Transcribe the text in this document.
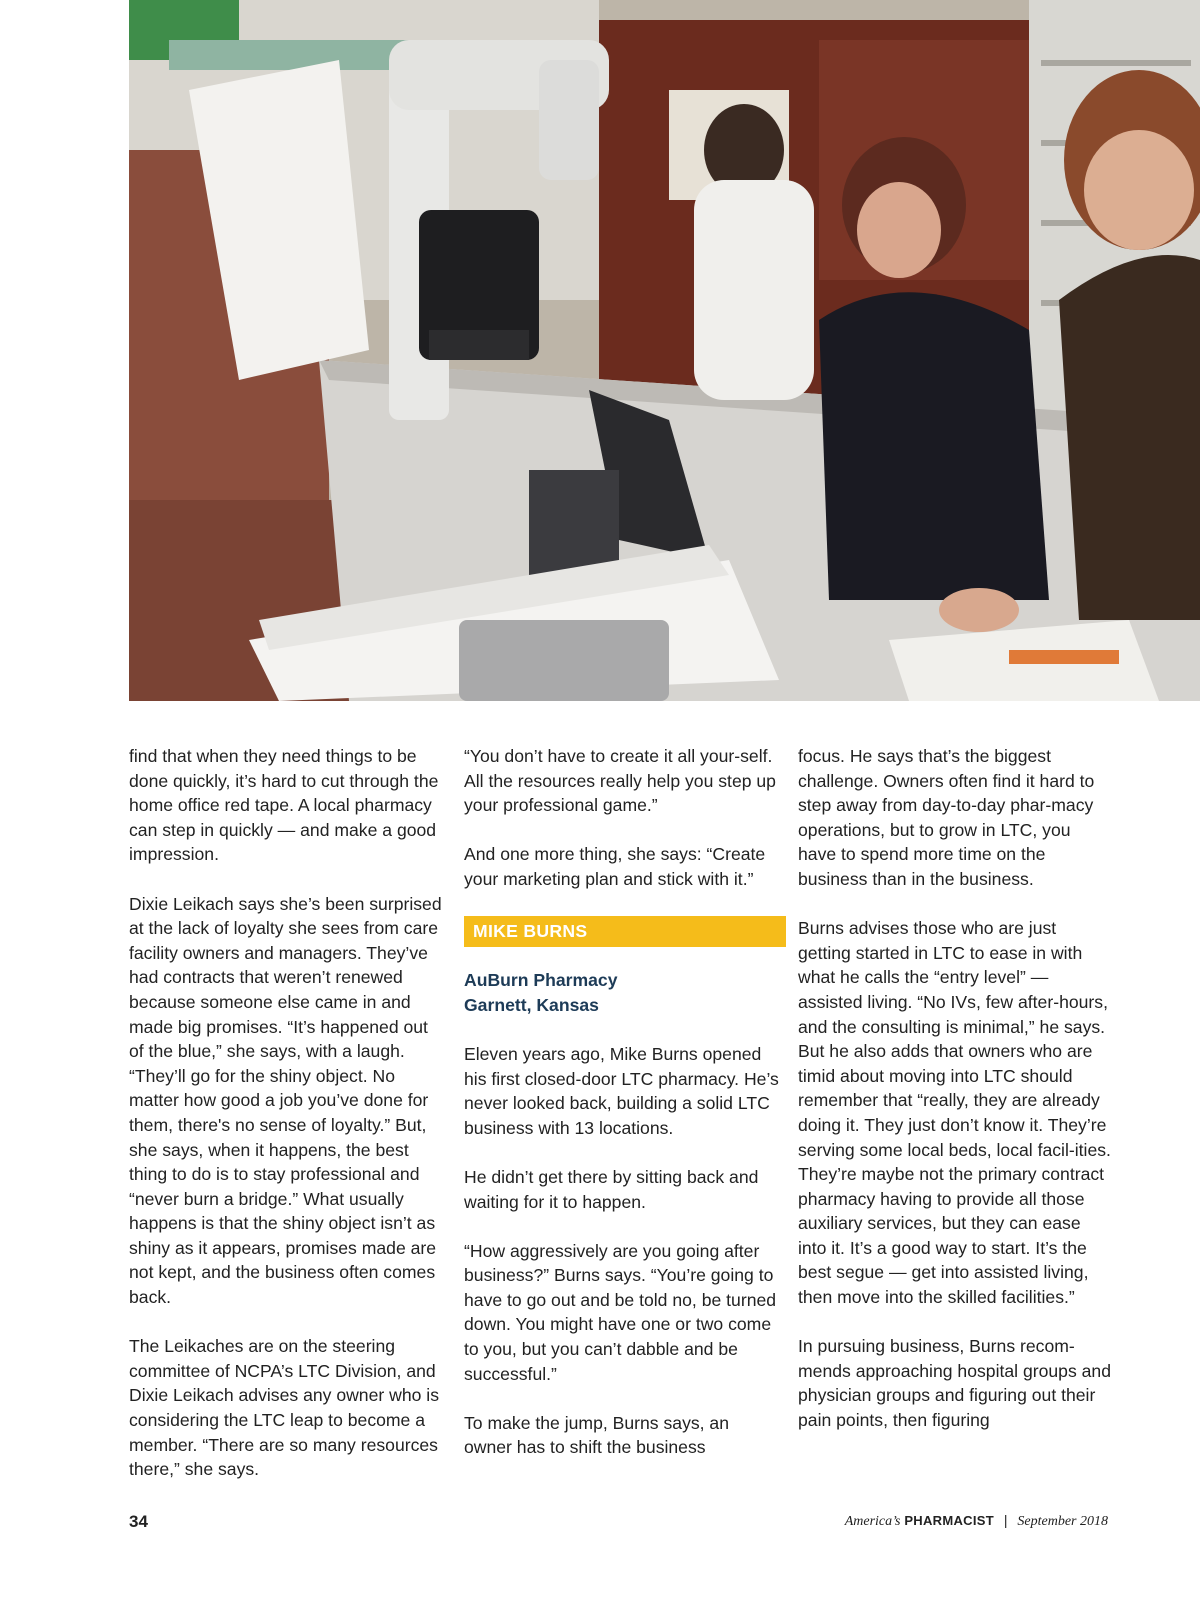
find that when they need things to be done quickly, it’s hard to cut through the home office red tape. A local pharmacy can step in quickly — and make a good impression.

Dixie Leikach says she’s been surprised at the lack of loyalty she sees from care facility owners and managers. They’ve had contracts that weren’t renewed because someone else came in and made big promises. “It’s happened out of the blue,” she says, with a laugh. “They’ll go for the shiny object. No matter how good a job you’ve done for them, there's no sense of loyalty.” But, she says, when it happens, the best thing to do is to stay professional and “never burn a bridge.” What usually happens is that the shiny object isn’t as shiny as it appears, promises made are not kept, and the business often comes back.

The Leikaches are on the steering committee of NCPA’s LTC Division, and Dixie Leikach advises any owner who is considering the LTC leap to become a member. “There are so many resources there,” she says.

“You don’t have to create it all your-self. All the resources really help you step up your professional game.”

And one more thing, she says: “Create your marketing plan and stick with it.”

MIKE BURNS
AuBurn Pharmacy
Garnett, Kansas

Eleven years ago, Mike Burns opened his first closed-door LTC pharmacy. He’s never looked back, building a solid LTC business with 13 locations.

He didn’t get there by sitting back and waiting for it to happen.

“How aggressively are you going after business?” Burns says. “You’re going to have to go out and be told no, be turned down. You might have one or two come to you, but you can’t dabble and be successful.”

To make the jump, Burns says, an owner has to shift the business

focus. He says that’s the biggest challenge. Owners often find it hard to step away from day-to-day phar-macy operations, but to grow in LTC, you have to spend more time on the business than in the business.

Burns advises those who are just getting started in LTC to ease in with what he calls the “entry level” — assisted living. “No IVs, few after-hours, and the consulting is minimal,” he says. But he also adds that owners who are timid about moving into LTC should remember that “really, they are already doing it. They just don’t know it. They’re serving some local beds, local facil-ities. They’re maybe not the primary contract pharmacy having to provide all those auxiliary services, but they can ease into it. It’s a good way to start. It’s the best segue — get into assisted living, then move into the skilled facilities.”

In pursuing business, Burns recom-mends approaching hospital groups and physician groups and figuring out their pain points, then figuring

34	America’s PHARMACIST | September 2018
